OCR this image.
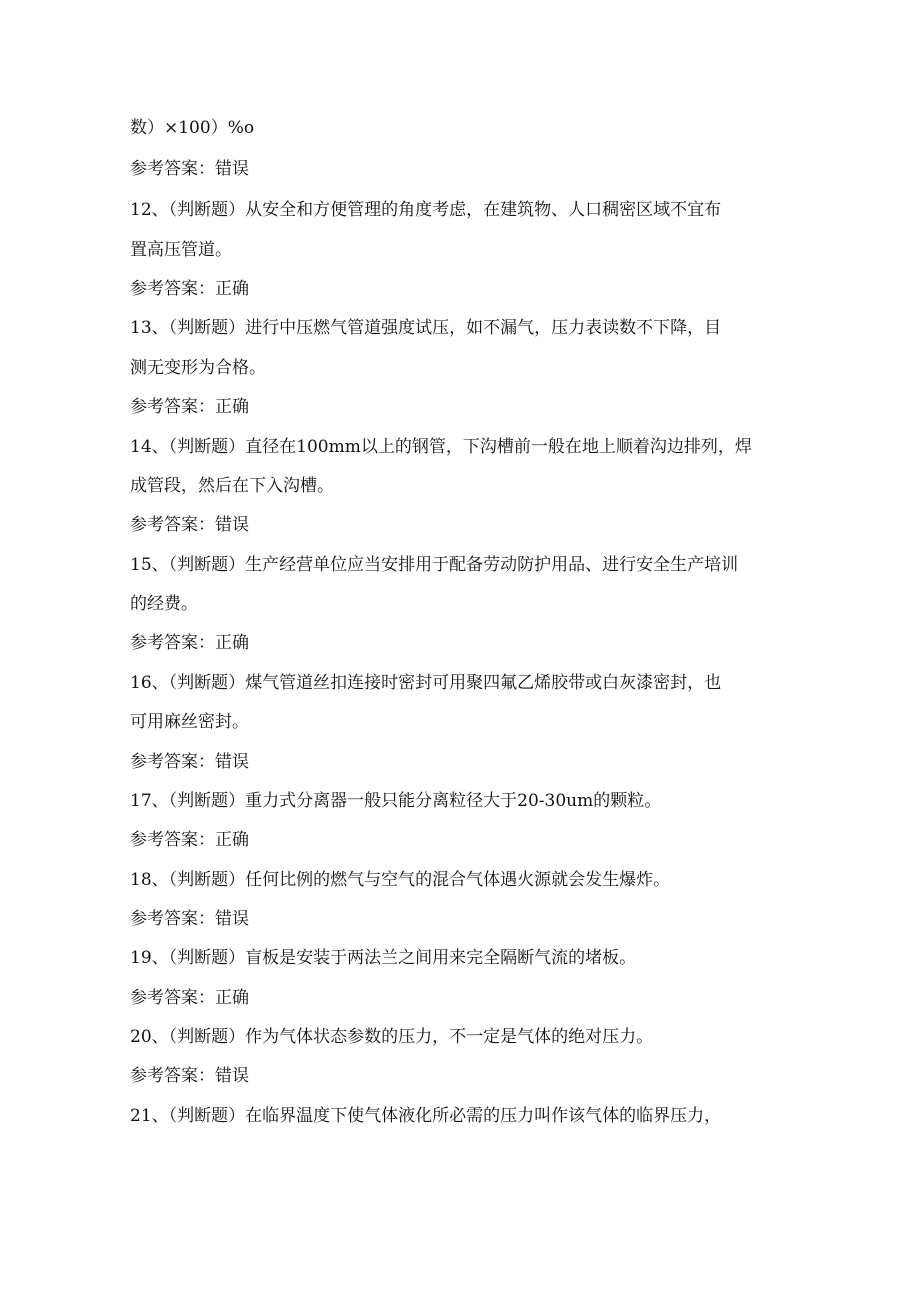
数）×100）%o
参考答案：错误
12、（判断题）从安全和方便管理的角度考虑，在建筑物、人口稠密区域不宜布
置高压管道。
参考答案：正确
13、（判断题）进行中压燃气管道强度试压，如不漏气，压力表读数不下降，目
测无变形为合格。
参考答案：正确
14、（判断题）直径在100mm以上的钢管，下沟槽前一般在地上顺着沟边排列，焊
成管段，然后在下入沟槽。
参考答案：错误
15、（判断题）生产经营单位应当安排用于配备劳动防护用品、进行安全生产培训
的经费。
参考答案：正确
16、（判断题）煤气管道丝扣连接时密封可用聚四氟乙烯胶带或白灰漆密封，也
可用麻丝密封。
参考答案：错误
17、（判断题）重力式分离器一般只能分离粒径大于20-30um的颗粒。
参考答案：正确
18、（判断题）任何比例的燃气与空气的混合气体遇火源就会发生爆炸。
参考答案：错误
19、（判断题）盲板是安装于两法兰之间用来完全隔断气流的堵板。
参考答案：正确
20、（判断题）作为气体状态参数的压力，不一定是气体的绝对压力。
参考答案：错误
21、（判断题）在临界温度下使气体液化所必需的压力叫作该气体的临界压力，
